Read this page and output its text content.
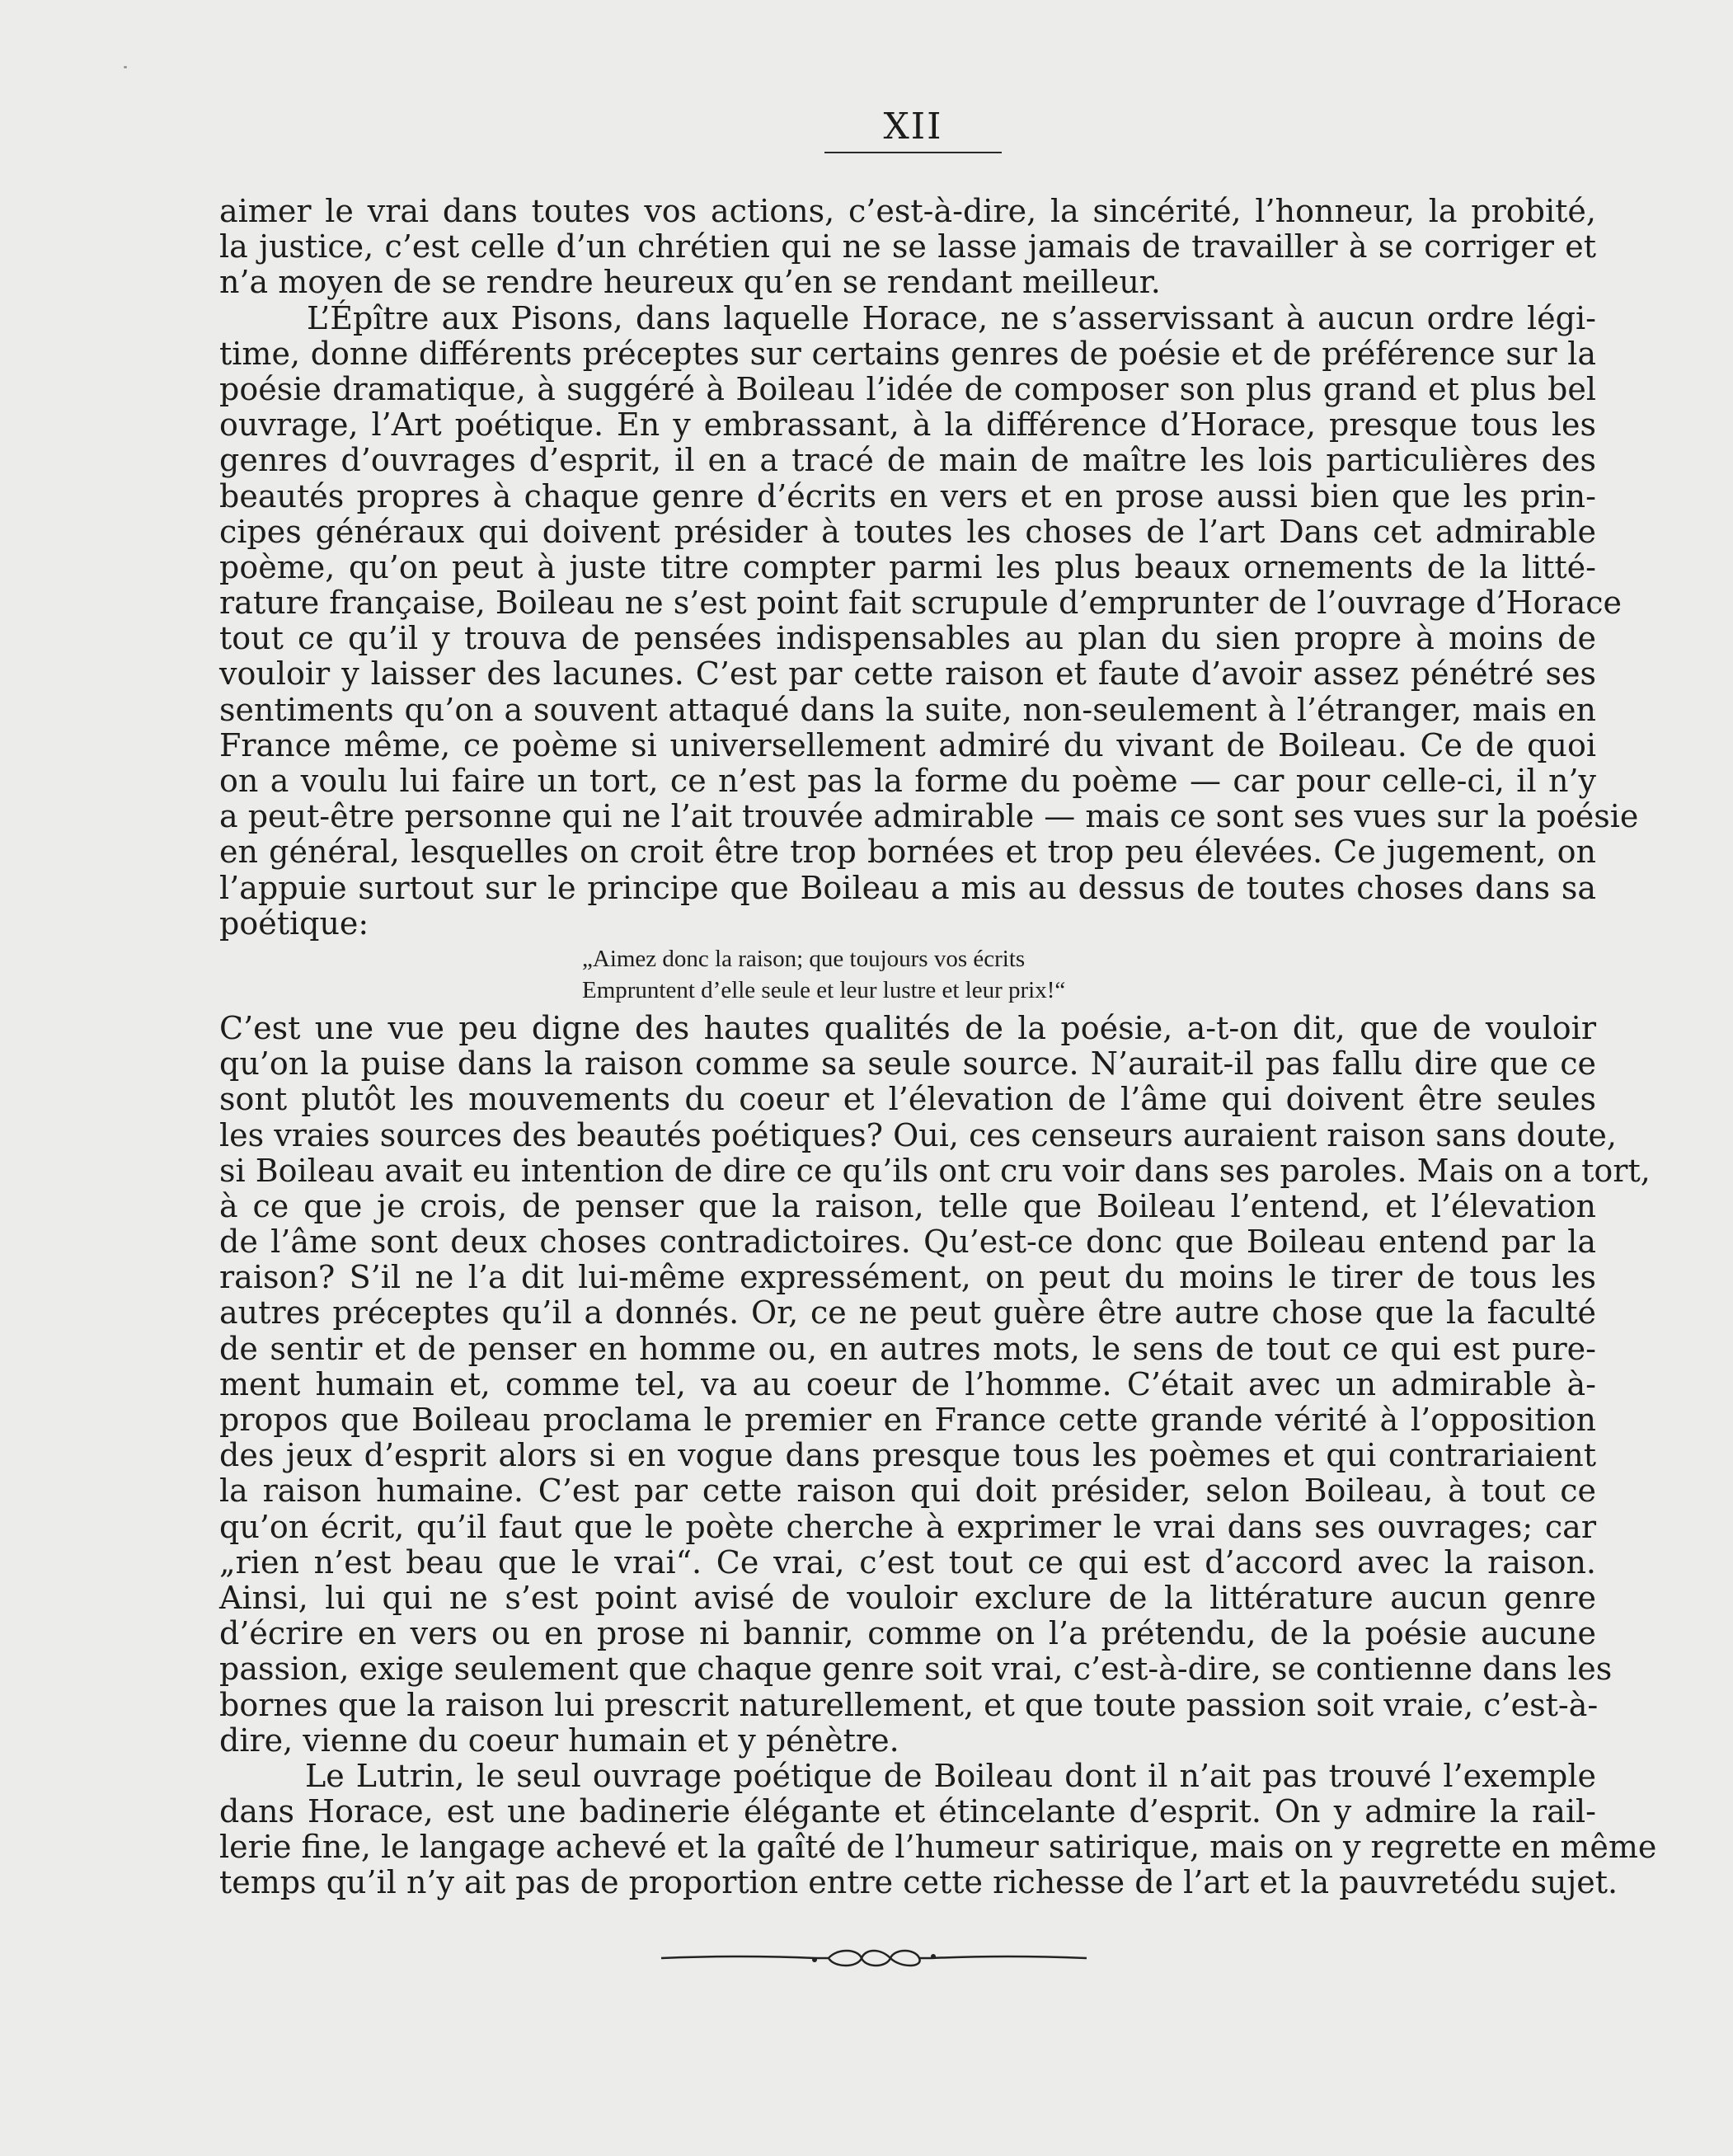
XII
aimer le vrai dans toutes vos actions, c’est-à-dire, la sincérité, l’honneur, la probité,
la justice, c’est celle d’un chrétien qui ne se lasse jamais de travailler à se corriger et
n’a moyen de se rendre heureux qu’en se rendant meilleur.
L’Épître aux Pisons, dans laquelle Horace, ne s’asservissant à aucun ordre légi-
time, donne différents préceptes sur certains genres de poésie et de préférence sur la
poésie dramatique, à suggéré à Boileau l’idée de composer son plus grand et plus bel
ouvrage, l’Art poétique. En y embrassant, à la différence d’Horace, presque tous les
genres d’ouvrages d’esprit, il en a tracé de main de maître les lois particulières des
beautés propres à chaque genre d’écrits en vers et en prose aussi bien que les prin-
cipes généraux qui doivent présider à toutes les choses de l’art Dans cet admirable
poème, qu’on peut à juste titre compter parmi les plus beaux ornements de la litté-
rature française, Boileau ne s’est point fait scrupule d’emprunter de l’ouvrage d’Horace
tout ce qu’il y trouva de pensées indispensables au plan du sien propre à moins de
vouloir y laisser des lacunes. C’est par cette raison et faute d’avoir assez pénétré ses
sentiments qu’on a souvent attaqué dans la suite, non-seulement à l’étranger, mais en
France même, ce poème si universellement admiré du vivant de Boileau. Ce de quoi
on a voulu lui faire un tort, ce n’est pas la forme du poème — car pour celle-ci, il n’y
a peut-être personne qui ne l’ait trouvée admirable — mais ce sont ses vues sur la poésie
en général, lesquelles on croit être trop bornées et trop peu élevées. Ce jugement, on
l’appuie surtout sur le principe que Boileau a mis au dessus de toutes choses dans sa
poétique:
„Aimez donc la raison; que toujours vos écrits
Empruntent d’elle seule et leur lustre et leur prix!“
C’est une vue peu digne des hautes qualités de la poésie, a-t-on dit, que de vouloir
qu’on la puise dans la raison comme sa seule source. N’aurait-il pas fallu dire que ce
sont plutôt les mouvements du coeur et l’élevation de l’âme qui doivent être seules
les vraies sources des beautés poétiques? Oui, ces censeurs auraient raison sans doute,
si Boileau avait eu intention de dire ce qu’ils ont cru voir dans ses paroles. Mais on a tort,
à ce que je crois, de penser que la raison, telle que Boileau l’entend, et l’élevation
de l’âme sont deux choses contradictoires. Qu’est-ce donc que Boileau entend par la
raison? S’il ne l’a dit lui-même expressément, on peut du moins le tirer de tous les
autres préceptes qu’il a donnés. Or, ce ne peut guère être autre chose que la faculté
de sentir et de penser en homme ou, en autres mots, le sens de tout ce qui est pure-
ment humain et, comme tel, va au coeur de l’homme. C’était avec un admirable à-
propos que Boileau proclama le premier en France cette grande vérité à l’opposition
des jeux d’esprit alors si en vogue dans presque tous les poèmes et qui contrariaient
la raison humaine. C’est par cette raison qui doit présider, selon Boileau, à tout ce
qu’on écrit, qu’il faut que le poète cherche à exprimer le vrai dans ses ouvrages; car
„rien n’est beau que le vrai“. Ce vrai, c’est tout ce qui est d’accord avec la raison.
Ainsi, lui qui ne s’est point avisé de vouloir exclure de la littérature aucun genre
d’écrire en vers ou en prose ni bannir, comme on l’a prétendu, de la poésie aucune
passion, exige seulement que chaque genre soit vrai, c’est-à-dire, se contienne dans les
bornes que la raison lui prescrit naturellement, et que toute passion soit vraie, c’est-à-
dire, vienne du coeur humain et y pénètre.
Le Lutrin, le seul ouvrage poétique de Boileau dont il n’ait pas trouvé l’exemple
dans Horace, est une badinerie élégante et étincelante d’esprit. On y admire la rail-
lerie fine, le langage achevé et la gaîté de l’humeur satirique, mais on y regrette en même
temps qu’il n’y ait pas de proportion entre cette richesse de l’art et la pauvretédu sujet.
